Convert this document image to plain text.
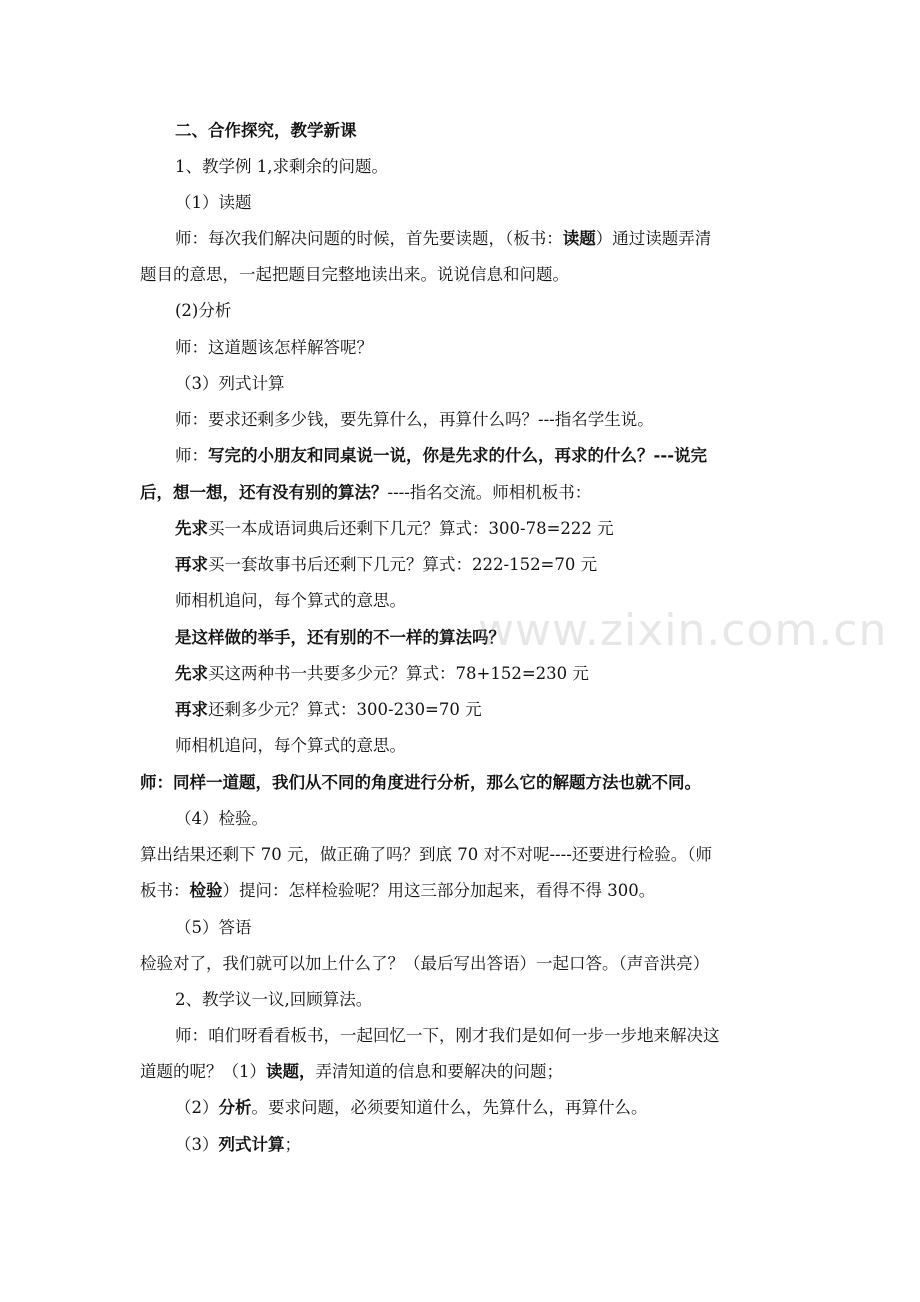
二、合作探究，教学新课
1、教学例 1,求剩余的问题。
（1）读题
师：每次我们解决问题的时候，首先要读题，（板书：读题）通过读题弄清
题目的意思，一起把题目完整地读出来。说说信息和问题。
(2)分析
师：这道题该怎样解答呢？
（3）列式计算
师：要求还剩多少钱，要先算什么，再算什么吗？---指名学生说。
师：写完的小朋友和同桌说一说，你是先求的什么，再求的什么？---说完
后，想一想，还有没有别的算法？----指名交流。师相机板书：
先求买一本成语词典后还剩下几元？算式：300-78=222 元
再求买一套故事书后还剩下几元？算式：222-152=70 元
师相机追问，每个算式的意思。
是这样做的举手，还有别的不一样的算法吗？
先求买这两种书一共要多少元？算式：78+152=230 元
再求还剩多少元？算式：300-230=70 元
师相机追问，每个算式的意思。
师：同样一道题，我们从不同的角度进行分析，那么它的解题方法也就不同。
（4）检验。
算出结果还剩下 70 元，做正确了吗？到底 70 对不对呢----还要进行检验。（师
板书：检验）提问：怎样检验呢？用这三部分加起来，看得不得 300。
（5）答语
检验对了，我们就可以加上什么了？（最后写出答语）一起口答。（声音洪亮）
2、教学议一议,回顾算法。
师：咱们呀看看板书，一起回忆一下，刚才我们是如何一步一步地来解决这
道题的呢？（1）读题，弄清知道的信息和要解决的问题；
（2）分析。要求问题，必须要知道什么，先算什么，再算什么。
（3）列式计算；
www.zixin.com.cn
